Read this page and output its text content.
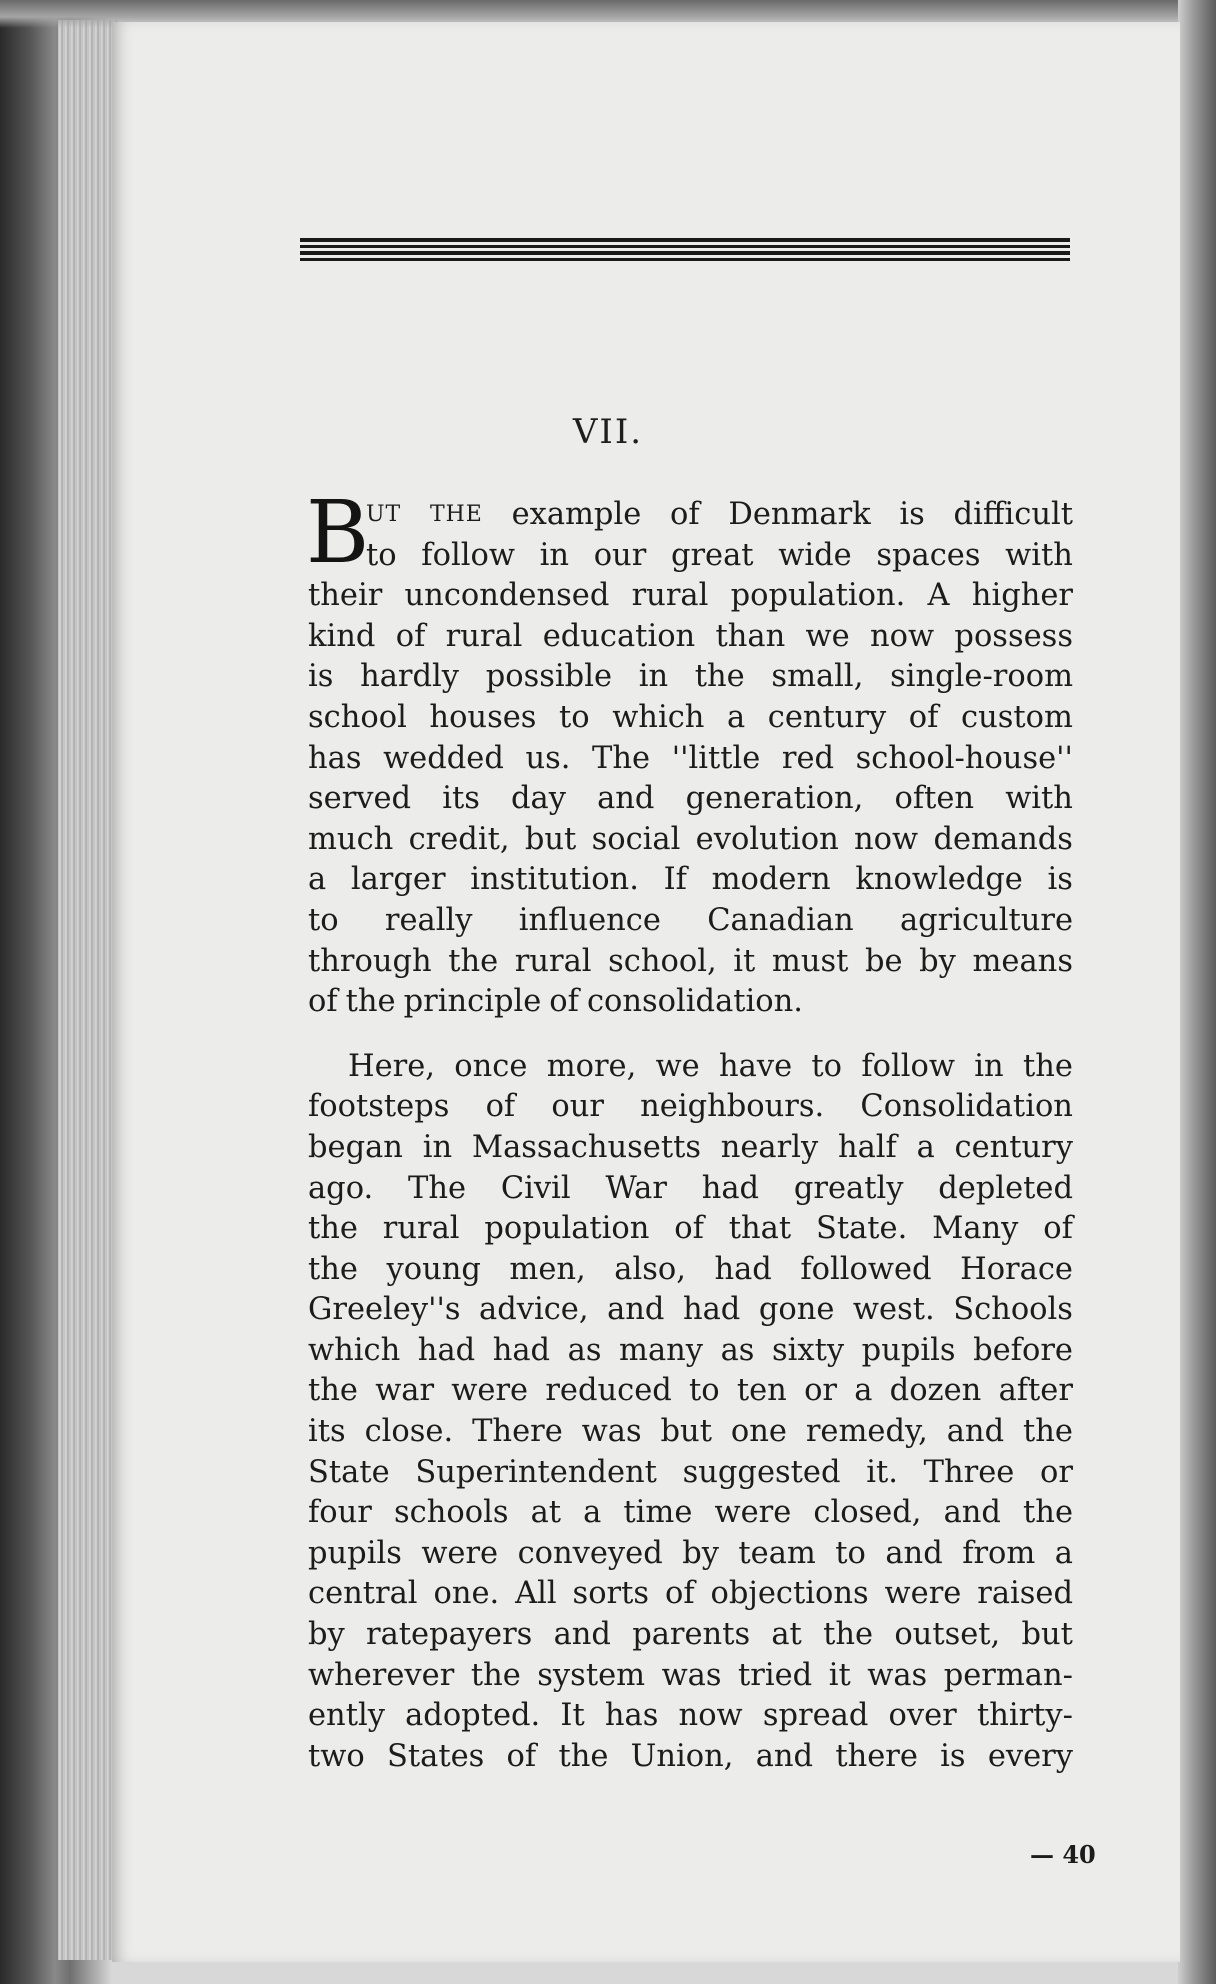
VII.
B
UT THE example of Denmark is difficult
to follow in our great wide spaces with
their uncondensed rural population. A higher
kind of rural education than we now possess
is hardly possible in the small, single-room
school houses to which a century of custom
has wedded us. The ''little red school-house''
served its day and generation, often with
much credit, but social evolution now demands
a larger institution. If modern knowledge is
to really influence Canadian agriculture
through the rural school, it must be by means
of the principle of consolidation.
Here, once more, we have to follow in the
footsteps of our neighbours. Consolidation
began in Massachusetts nearly half a century
ago. The Civil War had greatly depleted
the rural population of that State. Many of
the young men, also, had followed Horace
Greeley''s advice, and had gone west. Schools
which had had as many as sixty pupils before
the war were reduced to ten or a dozen after
its close. There was but one remedy, and the
State Superintendent suggested it. Three or
four schools at a time were closed, and the
pupils were conveyed by team to and from a
central one. All sorts of objections were raised
by ratepayers and parents at the outset, but
wherever the system was tried it was perman-
ently adopted. It has now spread over thirty-
two States of the Union, and there is every
— 40
